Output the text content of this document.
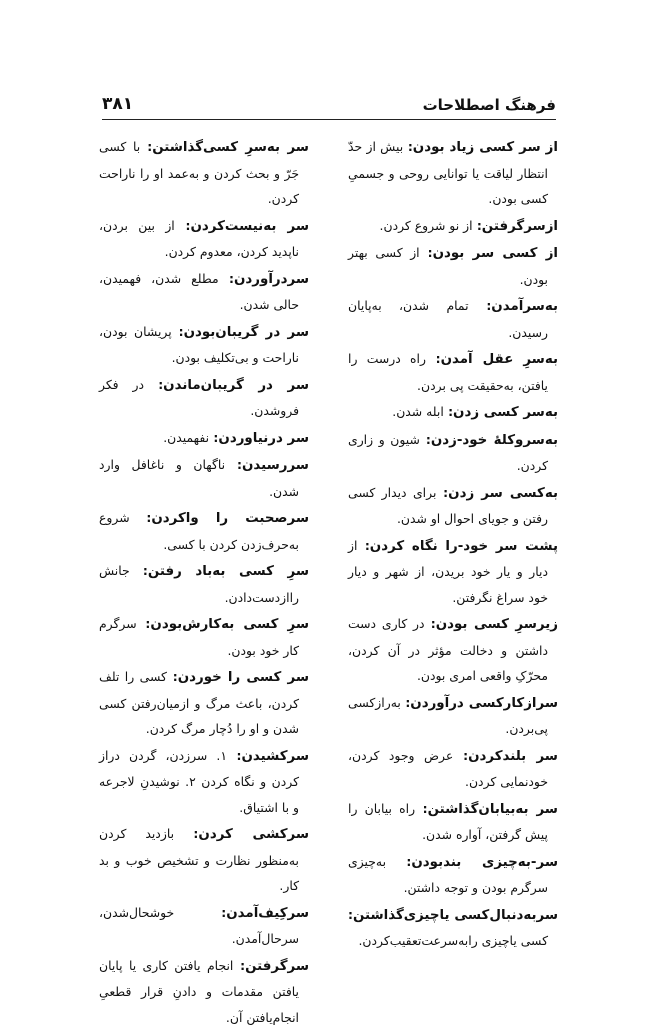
فرهنگ اصطلاحات
۳۸۱

از سر کسی زیاد بودن: بیش از حدّ انتظار لیاقت یا توانایی روحی و جسمیِ کسی بودن.

ازسرگرفتن: از نو شروع کردن.

از کسی سر بودن: از کسی بهتر بودن.

به‌سرآمدن: تمام شدن، به‌پایان رسیدن.

به‌سرِ عقل آمدن: راه درست را یافتن، به‌حقیقت پی بردن.

به‌سر کسی زدن: ابله شدن.

به‌سروکلهٔ خود-زدن: شیون و زاری کردن.

به‌کسی سر زدن: برای دیدار کسی رفتن و جویای احوال او شدن.

پشت سر خود-را نگاه کردن: از دیار و یار خود بریدن، از شهر و دیار خود سراغ نگرفتن.

زیرسرِ کسی بودن: در کاری دست داشتن و دخالت مؤثر در آن کردن، محرّکِ واقعی امری بودن.

سرازکارکسی درآوردن: به‌رازکسی پی‌بردن.

سر بلندکردن: عرض وجود کردن، خودنمایی کردن.

سر به‌بیابان‌گذاشتن: راه بیابان را پیش گرفتن، آواره شدن.

سر-به‌چیزی بندبودن: به‌چیزی سرگرم بودن و توجه داشتن.

سربه‌دنبال‌کسی یاچیزی‌گذاشتن: کسی یاچیزی رابه‌سرعت‌تعقیب‌کردن.

سر به‌سرِ کسی‌گذاشتن: با کسی جَرّ و بحث کردن و به‌عمد او را ناراحت کردن.

سر به‌نیست‌کردن: از بین بردن، ناپدید کردن، معدوم کردن.

سردرآوردن: مطلع شدن، فهمیدن، حالی شدن.

سر در گریبان‌بودن: پریشان بودن، ناراحت و بی‌تکلیف بودن.

سر در گریبان‌ماندن: در فکر فروشدن.

سر درنیاوردن: نفهمیدن.

سررسیدن: ناگهان و ناغافل وارد شدن.

سرصحبت را واکردن: شروع به‌حرف‌زدن کردن با کسی.

سرِ کسی به‌باد رفتن: جانش رااز‌دست‌دادن.

سرِ کسی به‌کارش‌بودن: سرگرم کار خود بودن.

سر کسی را خوردن: کسی را تلف کردن، باعث مرگ و ازمیان‌رفتن کسی شدن و او را دُچار مرگ کردن.

سرکشیدن: ۱. سرزدن، گردن دراز کردن و نگاه کردن ۲. نوشیدنِ لاجرعه و با اشتیاق.

سرکشی کردن: بازدید کردن به‌منظور نظارت و تشخیص خوب و بد کار.

سرکِیف‌آمدن: خوشحال‌شدن، سرحال‌آمدن.

سرگرفتن: انجام یافتن کاری یا پایان یافتن مقدمات و دادنِ قرار قطعیِ انجام‌یافتن آن.
